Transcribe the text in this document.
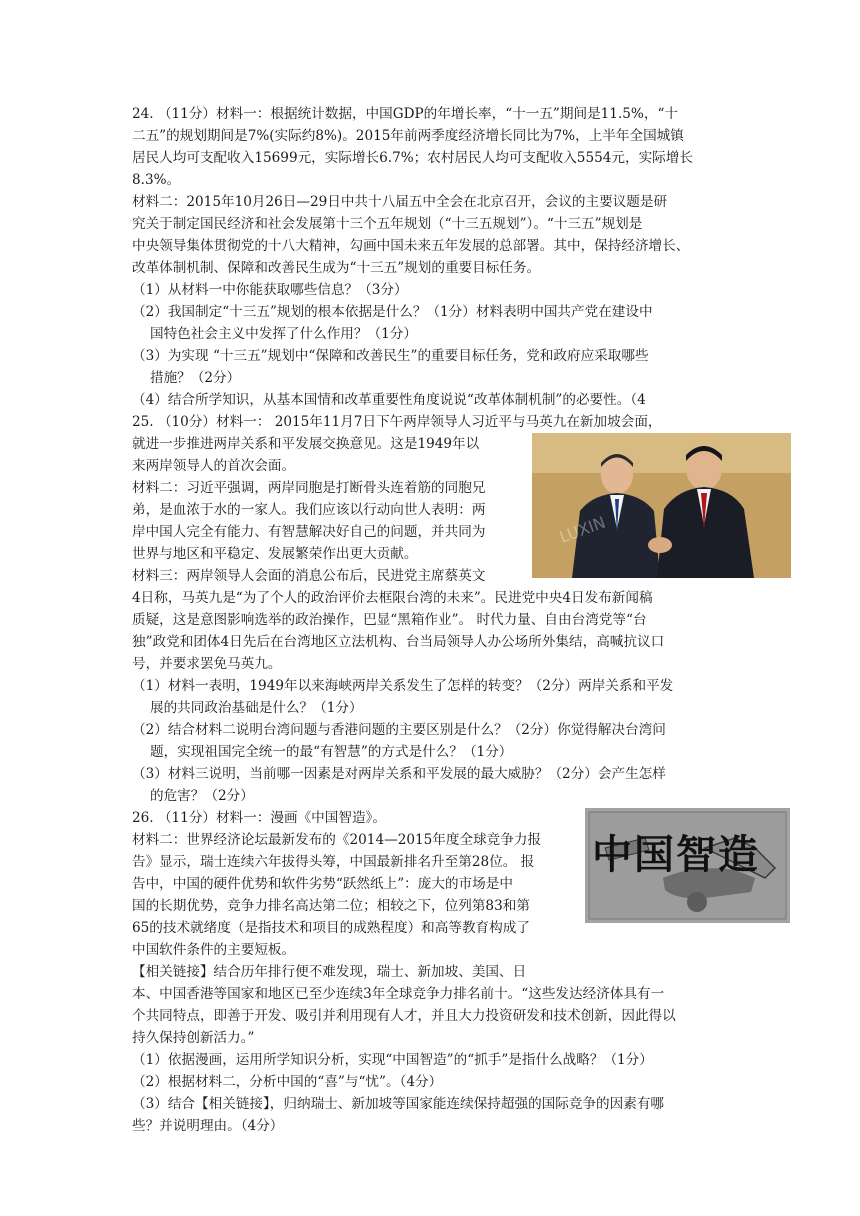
24. （11分）材料一：根据统计数据，中国GDP的年增长率，“十一五”期间是11.5%，“十
二五”的规划期间是7%(实际约8%)。2015年前两季度经济增长同比为7%，上半年全国城镇
居民人均可支配收入15699元，实际增长6.7%；农村居民人均可支配收入5554元，实际增长
8.3%。
材料二：2015年10月26日—29日中共十八届五中全会在北京召开，会议的主要议题是研
究关于制定国民经济和社会发展第十三个五年规划（“十三五规划”）。“十三五”规划是
中央领导集体贯彻党的十八大精神，勾画中国未来五年发展的总部署。其中，保持经济增长、
改革体制机制、保障和改善民生成为“十三五”规划的重要目标任务。
（1）从材料一中你能获取哪些信息？（3分）
（2）我国制定“十三五”规划的根本依据是什么？（1分）材料表明中国共产党在建设中
国特色社会主义中发挥了什么作用？（1分）
（3）为实现 “十三五”规划中“保障和改善民生”的重要目标任务，党和政府应采取哪些
措施？（2分）
（4）结合所学知识，从基本国情和改革重要性角度说说“改革体制机制”的必要性。（4
25. （10分）材料一： 2015年11月7日下午两岸领导人习近平与马英九在新加坡会面，
就进一步推进两岸关系和平发展交换意见。这是1949年以
来两岸领导人的首次会面。
材料二：习近平强调，两岸同胞是打断骨头连着筋的同胞兄
弟，是血浓于水的一家人。我们应该以行动向世人表明：两
岸中国人完全有能力、有智慧解决好自己的问题，并共同为
世界与地区和平稳定、发展繁荣作出更大贡献。
材料三：两岸领导人会面的消息公布后，民进党主席蔡英文
4日称，马英九是“为了个人的政治评价去框限台湾的未来”。民进党中央4日发布新闻稿
质疑，这是意图影响选举的政治操作，巴显“黑箱作业”。 时代力量、自由台湾党等“台
独”政党和团体4日先后在台湾地区立法机构、台当局领导人办公场所外集结，高喊抗议口
号，并要求罢免马英九。
（1）材料一表明，1949年以来海峡两岸关系发生了怎样的转变？（2分）两岸关系和平发
展的共同政治基础是什么？（1分）
（2）结合材料二说明台湾问题与香港问题的主要区别是什么？（2分）你觉得解决台湾问
题，实现祖国完全统一的最“有智慧”的方式是什么？（1分）
（3）材料三说明，当前哪一因素是对两岸关系和平发展的最大威胁？（2分）会产生怎样
的危害？（2分）
26. （11分）材料一：漫画《中国智造》。
材料二：世界经济论坛最新发布的《2014—2015年度全球竞争力报
告》显示，瑞士连续六年拔得头筹，中国最新排名升至第28位。 报
告中，中国的硬件优势和软件劣势“跃然纸上”：庞大的市场是中
国的长期优势，竞争力排名高达第二位；相较之下，位列第83和第
65的技术就绪度（是指技术和项目的成熟程度）和高等教育构成了
中国软件条件的主要短板。
【相关链接】结合历年排行便不难发现，瑞士、新加坡、美国、日
本、中国香港等国家和地区已至少连续3年全球竞争力排名前十。“这些发达经济体具有一
个共同特点，即善于开发、吸引并利用现有人才，并且大力投资研发和技术创新，因此得以
持久保持创新活力。”
（1）依据漫画，运用所学知识分析，实现“中国智造”的“抓手”是指什么战略？（1分）
（2）根据材料二，分析中国的“喜”与“忧”。（4分）
（3）结合【相关链接】，归纳瑞士、新加坡等国家能连续保持超强的国际竞争的因素有哪
些？并说明理由。（4分）
LUXIN
中国智造
